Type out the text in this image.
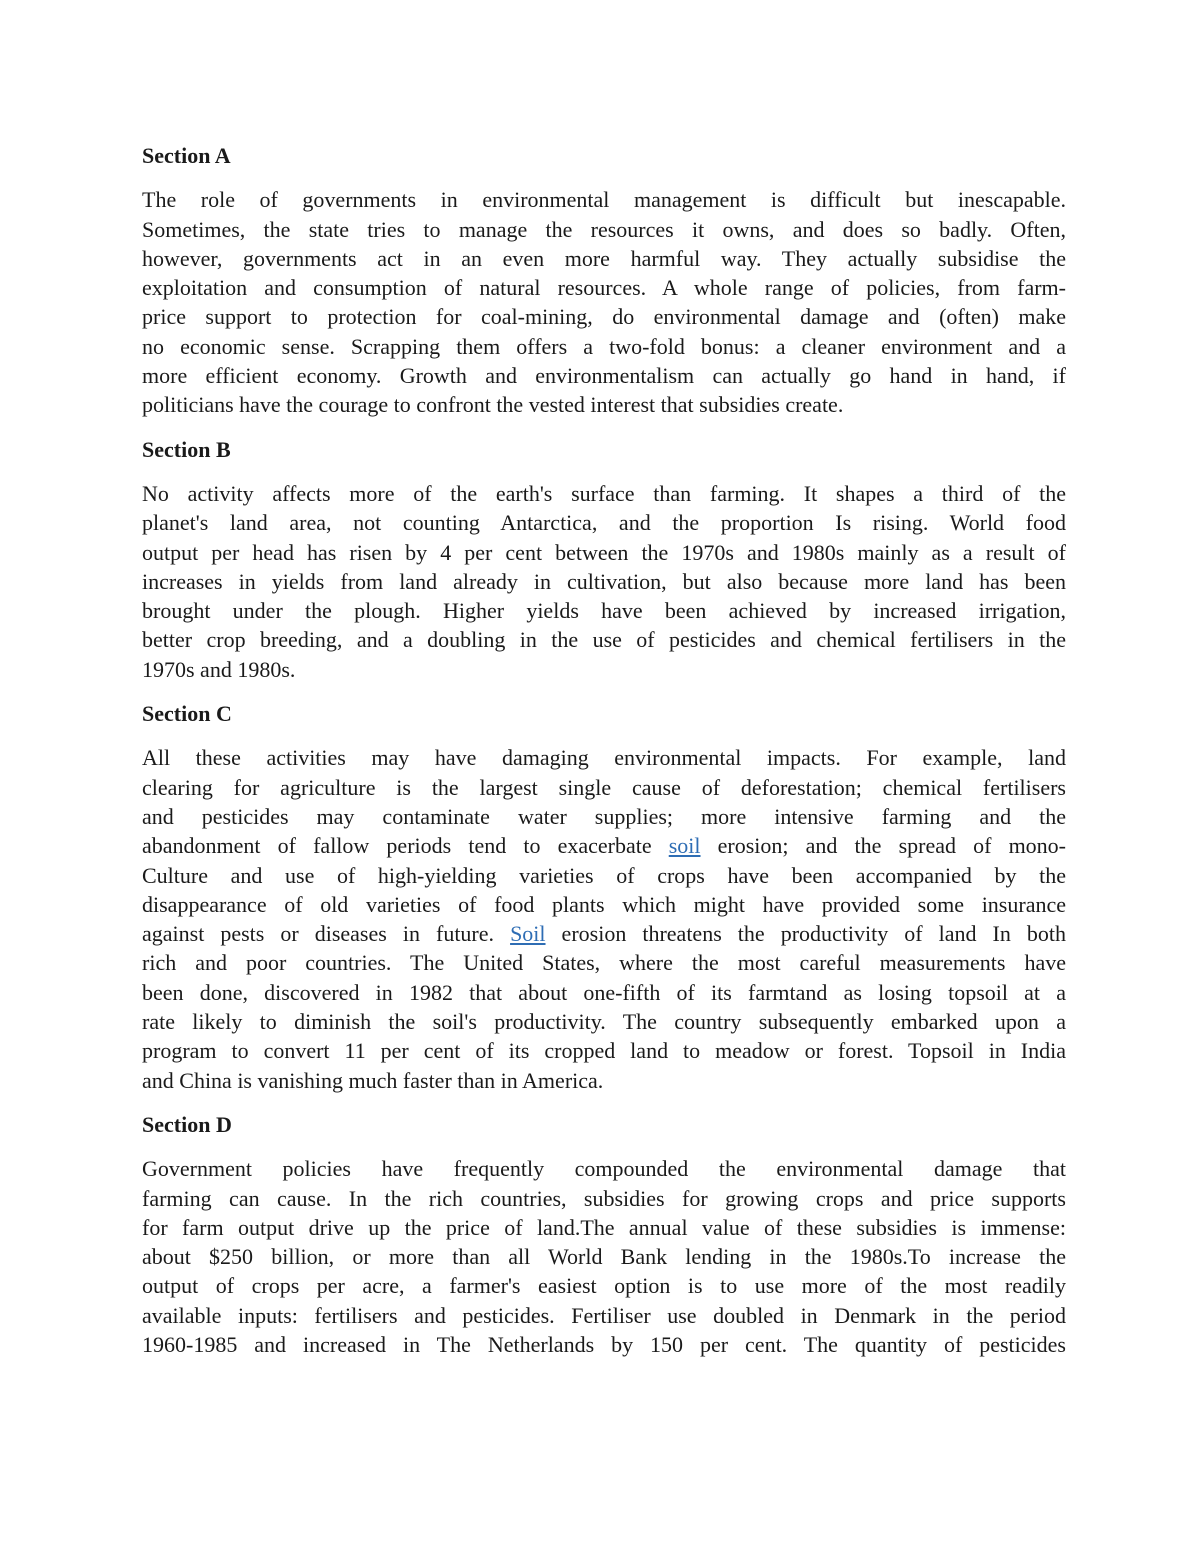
Section A
The role of governments in environmental management is difficult but inescapable.
Sometimes, the state tries to manage the resources it owns, and does so badly. Often,
however, governments act in an even more harmful way. They actually subsidise the
exploitation and consumption of natural resources. A whole range of policies, from farm-
price support to protection for coal-mining, do environmental damage and (often) make
no economic sense. Scrapping them offers a two-fold bonus: a cleaner environment and a
more efficient economy. Growth and environmentalism can actually go hand in hand, if
politicians have the courage to confront the vested interest that subsidies create.
Section B
No activity affects more of the earth's surface than farming. It shapes a third of the
planet's land area, not counting Antarctica, and the proportion Is rising. World food
output per head has risen by 4 per cent between the 1970s and 1980s mainly as a result of
increases in yields from land already in cultivation, but also because more land has been
brought under the plough. Higher yields have been achieved by increased irrigation,
better crop breeding, and a doubling in the use of pesticides and chemical fertilisers in the
1970s and 1980s.
Section C
All these activities may have damaging environmental impacts. For example, land
clearing for agriculture is the largest single cause of deforestation; chemical fertilisers
and pesticides may contaminate water supplies; more intensive farming and the
abandonment of fallow periods tend to exacerbate soil erosion; and the spread of mono-
Culture and use of high-yielding varieties of crops have been accompanied by the
disappearance of old varieties of food plants which might have provided some insurance
against pests or diseases in future. Soil erosion threatens the productivity of land In both
rich and poor countries. The United States, where the most careful measurements have
been done, discovered in 1982 that about one-fifth of its farmtand as losing topsoil at a
rate likely to diminish the soil's productivity. The country subsequently embarked upon a
program to convert 11 per cent of its cropped land to meadow or forest. Topsoil in India
and China is vanishing much faster than in America.
Section D
Government policies have frequently compounded the environmental damage that
farming can cause. In the rich countries, subsidies for growing crops and price supports
for farm output drive up the price of land.The annual value of these subsidies is immense:
about $250 billion, or more than all World Bank lending in the 1980s.To increase the
output of crops per acre, a farmer's easiest option is to use more of the most readily
available inputs: fertilisers and pesticides. Fertiliser use doubled in Denmark in the period
1960-1985 and increased in The Netherlands by 150 per cent. The quantity of pesticides
